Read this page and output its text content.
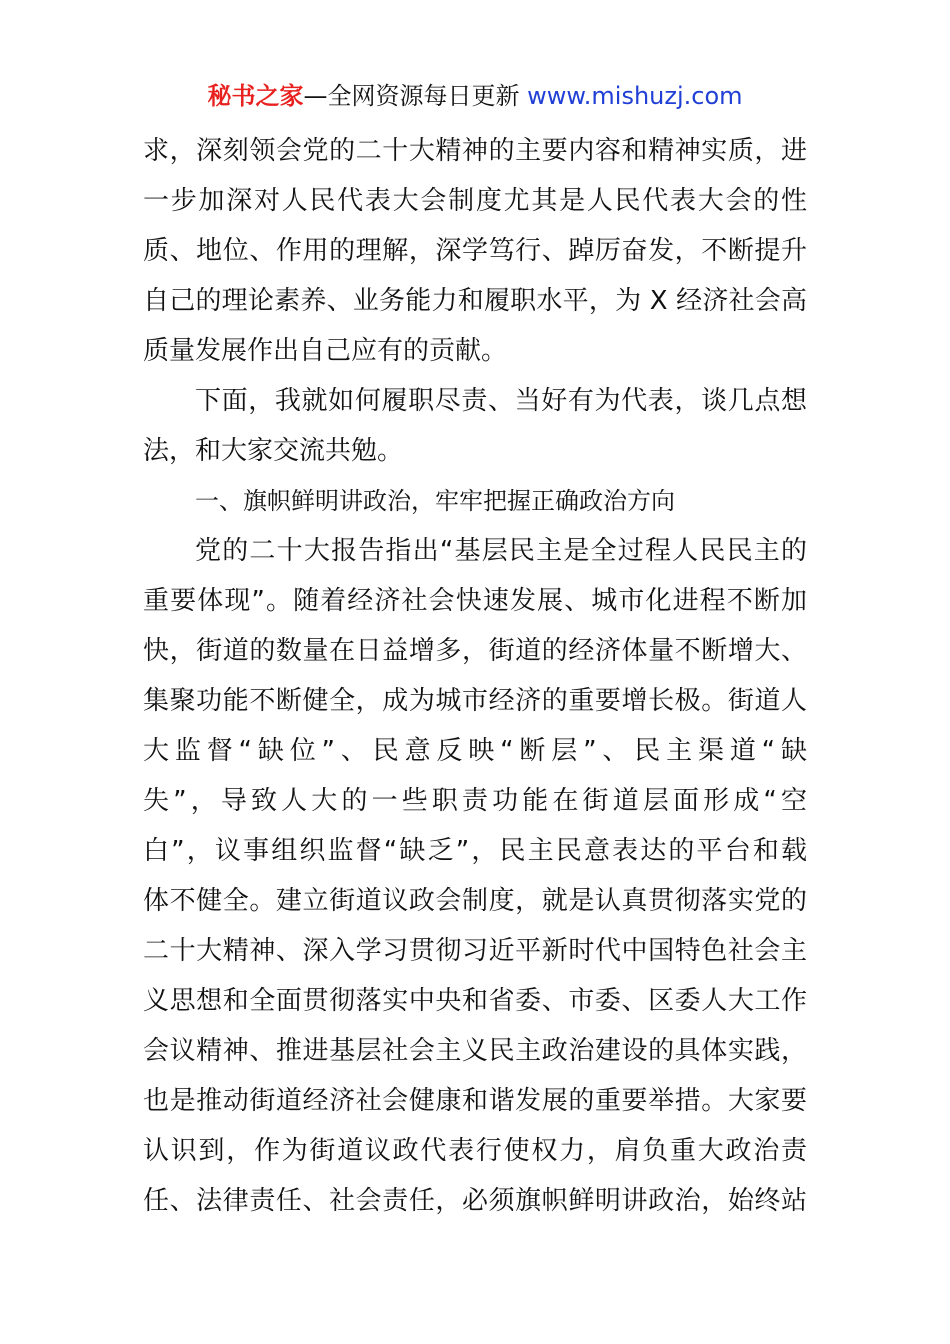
秘书之家—全网资源每日更新 www.mishuzj.com
求，深刻领会党的二十大精神的主要内容和精神实质，进
一步加深对人民代表大会制度尤其是人民代表大会的性
质、地位、作用的理解，深学笃行、踔厉奋发，不断提升
自己的理论素养、业务能力和履职水平，为 X 经济社会高
质量发展作出自己应有的贡献。
下面，我就如何履职尽责、当好有为代表，谈几点想
法，和大家交流共勉。
一、旗帜鲜明讲政治，牢牢把握正确政治方向
党的二十大报告指出“基层民主是全过程人民民主的
重要体现”。随着经济社会快速发展、城市化进程不断加
快，街道的数量在日益增多，街道的经济体量不断增大、
集聚功能不断健全，成为城市经济的重要增长极。街道人
大监督“缺位”、民意反映“断层”、民主渠道“缺
失”，导致人大的一些职责功能在街道层面形成“空
白”，议事组织监督“缺乏”，民主民意表达的平台和载
体不健全。建立街道议政会制度，就是认真贯彻落实党的
二十大精神、深入学习贯彻习近平新时代中国特色社会主
义思想和全面贯彻落实中央和省委、市委、区委人大工作
会议精神、推进基层社会主义民主政治建设的具体实践，
也是推动街道经济社会健康和谐发展的重要举措。大家要
认识到，作为街道议政代表行使权力，肩负重大政治责
任、法律责任、社会责任，必须旗帜鲜明讲政治，始终站
